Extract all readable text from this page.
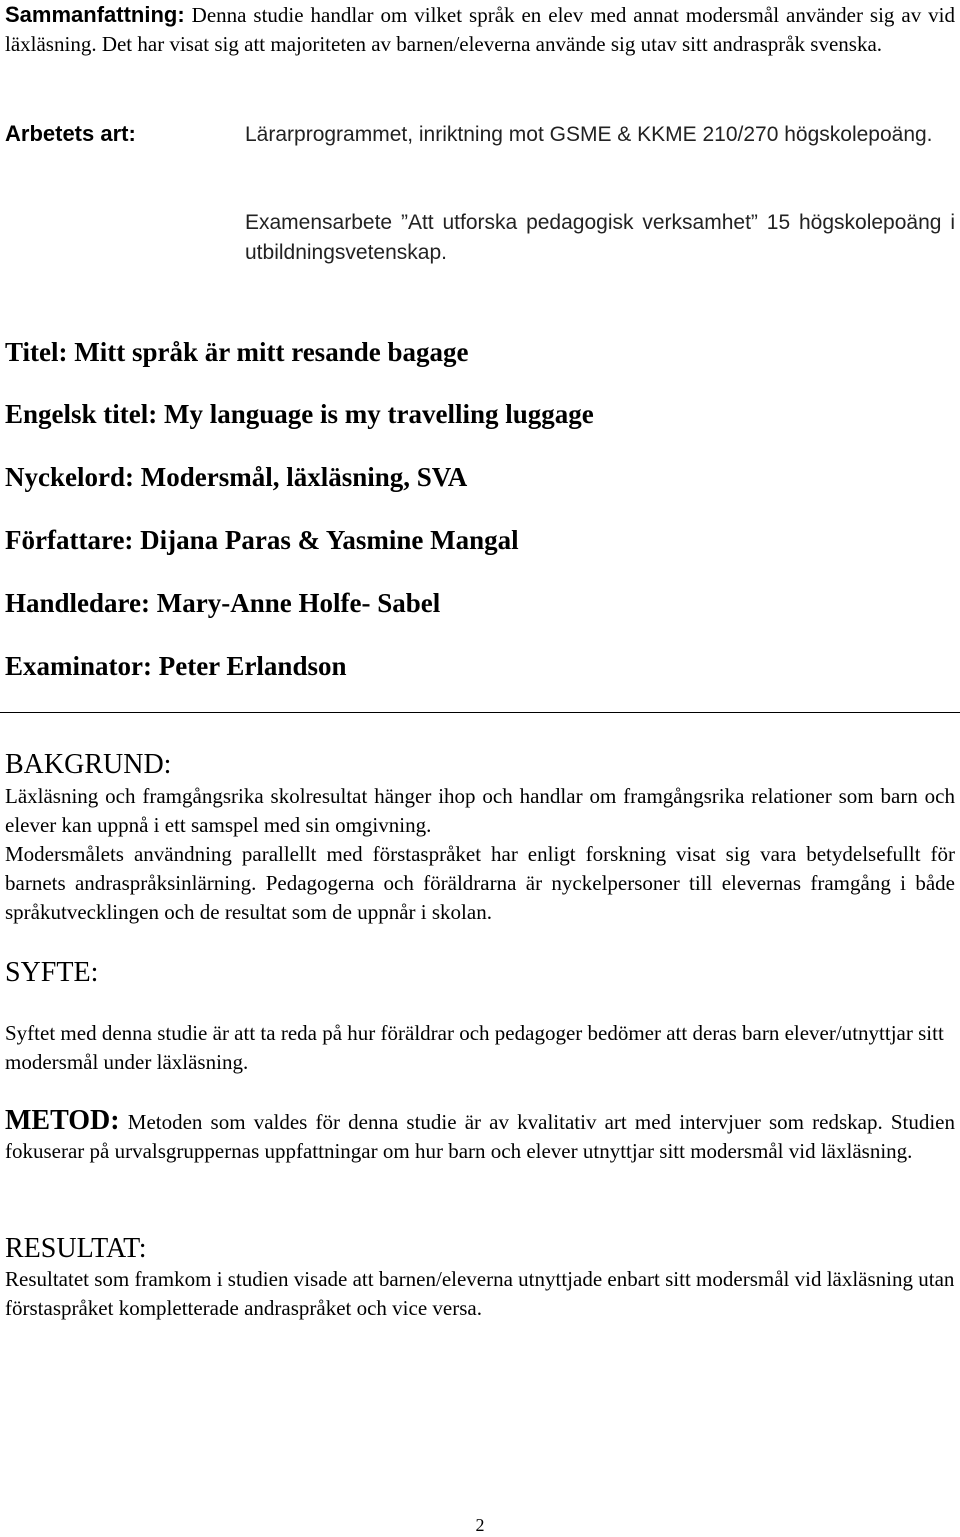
Sammanfattning: Denna studie handlar om vilket språk en elev med annat modersmål använder sig av vid läxläsning. Det har visat sig att majoriteten av barnen/eleverna använde sig utav sitt andraspråk svenska.
Arbetets art:	Lärarprogrammet, inriktning mot GSME & KKME 210/270 högskolepoäng.
Examensarbete ”Att utforska pedagogisk verksamhet” 15 högskolepoäng i utbildningsvetenskap.
Titel: Mitt språk är mitt resande bagage
Engelsk titel: My language is my travelling luggage
Nyckelord: Modersmål, läxläsning, SVA
Författare: Dijana Paras & Yasmine Mangal
Handledare: Mary-Anne Holfe- Sabel
Examinator: Peter Erlandson
BAKGRUND:
Läxläsning och framgångsrika skolresultat hänger ihop och handlar om framgångsrika relationer som barn och elever kan uppnå i ett samspel med sin omgivning.
Modersmålets användning parallellt med förstaspråket har enligt forskning visat sig vara betydelsefullt för barnets andraspråksinlärning. Pedagogerna och föräldrarna är nyckelpersoner till elevernas framgång i både språkutvecklingen och de resultat som de uppnår i skolan.
SYFTE:
Syftet med denna studie är att ta reda på hur föräldrar och pedagoger bedömer att deras barn elever/utnyttjar sitt modersmål under läxläsning.
METOD: Metoden som valdes för denna studie är av kvalitativ art med intervjuer som redskap. Studien fokuserar på urvalsgruppernas uppfattningar om hur barn och elever utnyttjar sitt modersmål vid läxläsning.
RESULTAT:
Resultatet som framkom i studien visade att barnen/eleverna utnyttjade enbart sitt modersmål vid läxläsning utan förstaspråket kompletterade andraspråket och vice versa.
2
